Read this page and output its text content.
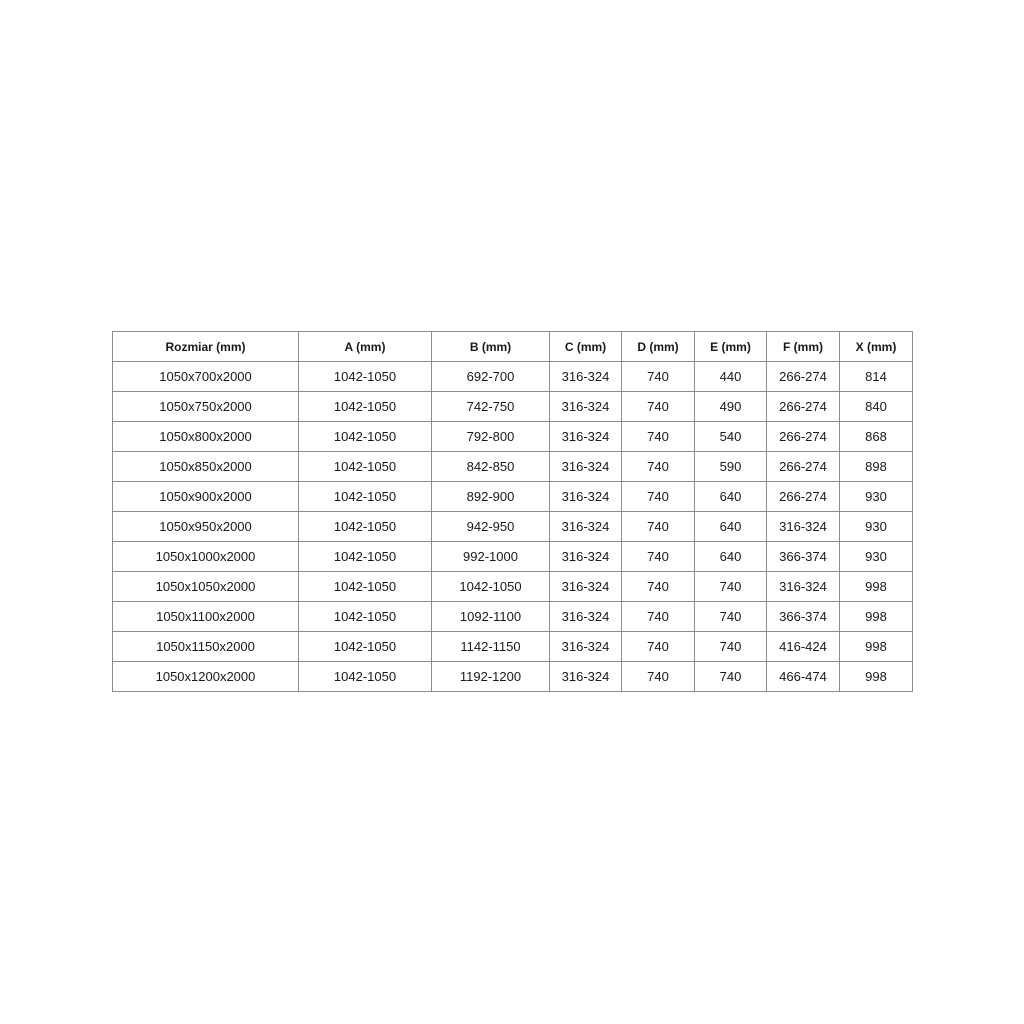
Rozmiar (mm)	A (mm)	B (mm)	C (mm)	D (mm)	E (mm)	F (mm)	X (mm)
1050x700x2000	1042-1050	692-700	316-324	740	440	266-274	814
1050x750x2000	1042-1050	742-750	316-324	740	490	266-274	840
1050x800x2000	1042-1050	792-800	316-324	740	540	266-274	868
1050x850x2000	1042-1050	842-850	316-324	740	590	266-274	898
1050x900x2000	1042-1050	892-900	316-324	740	640	266-274	930
1050x950x2000	1042-1050	942-950	316-324	740	640	316-324	930
1050x1000x2000	1042-1050	992-1000	316-324	740	640	366-374	930
1050x1050x2000	1042-1050	1042-1050	316-324	740	740	316-324	998
1050x1100x2000	1042-1050	1092-1100	316-324	740	740	366-374	998
1050x1150x2000	1042-1050	1142-1150	316-324	740	740	416-424	998
1050x1200x2000	1042-1050	1192-1200	316-324	740	740	466-474	998
